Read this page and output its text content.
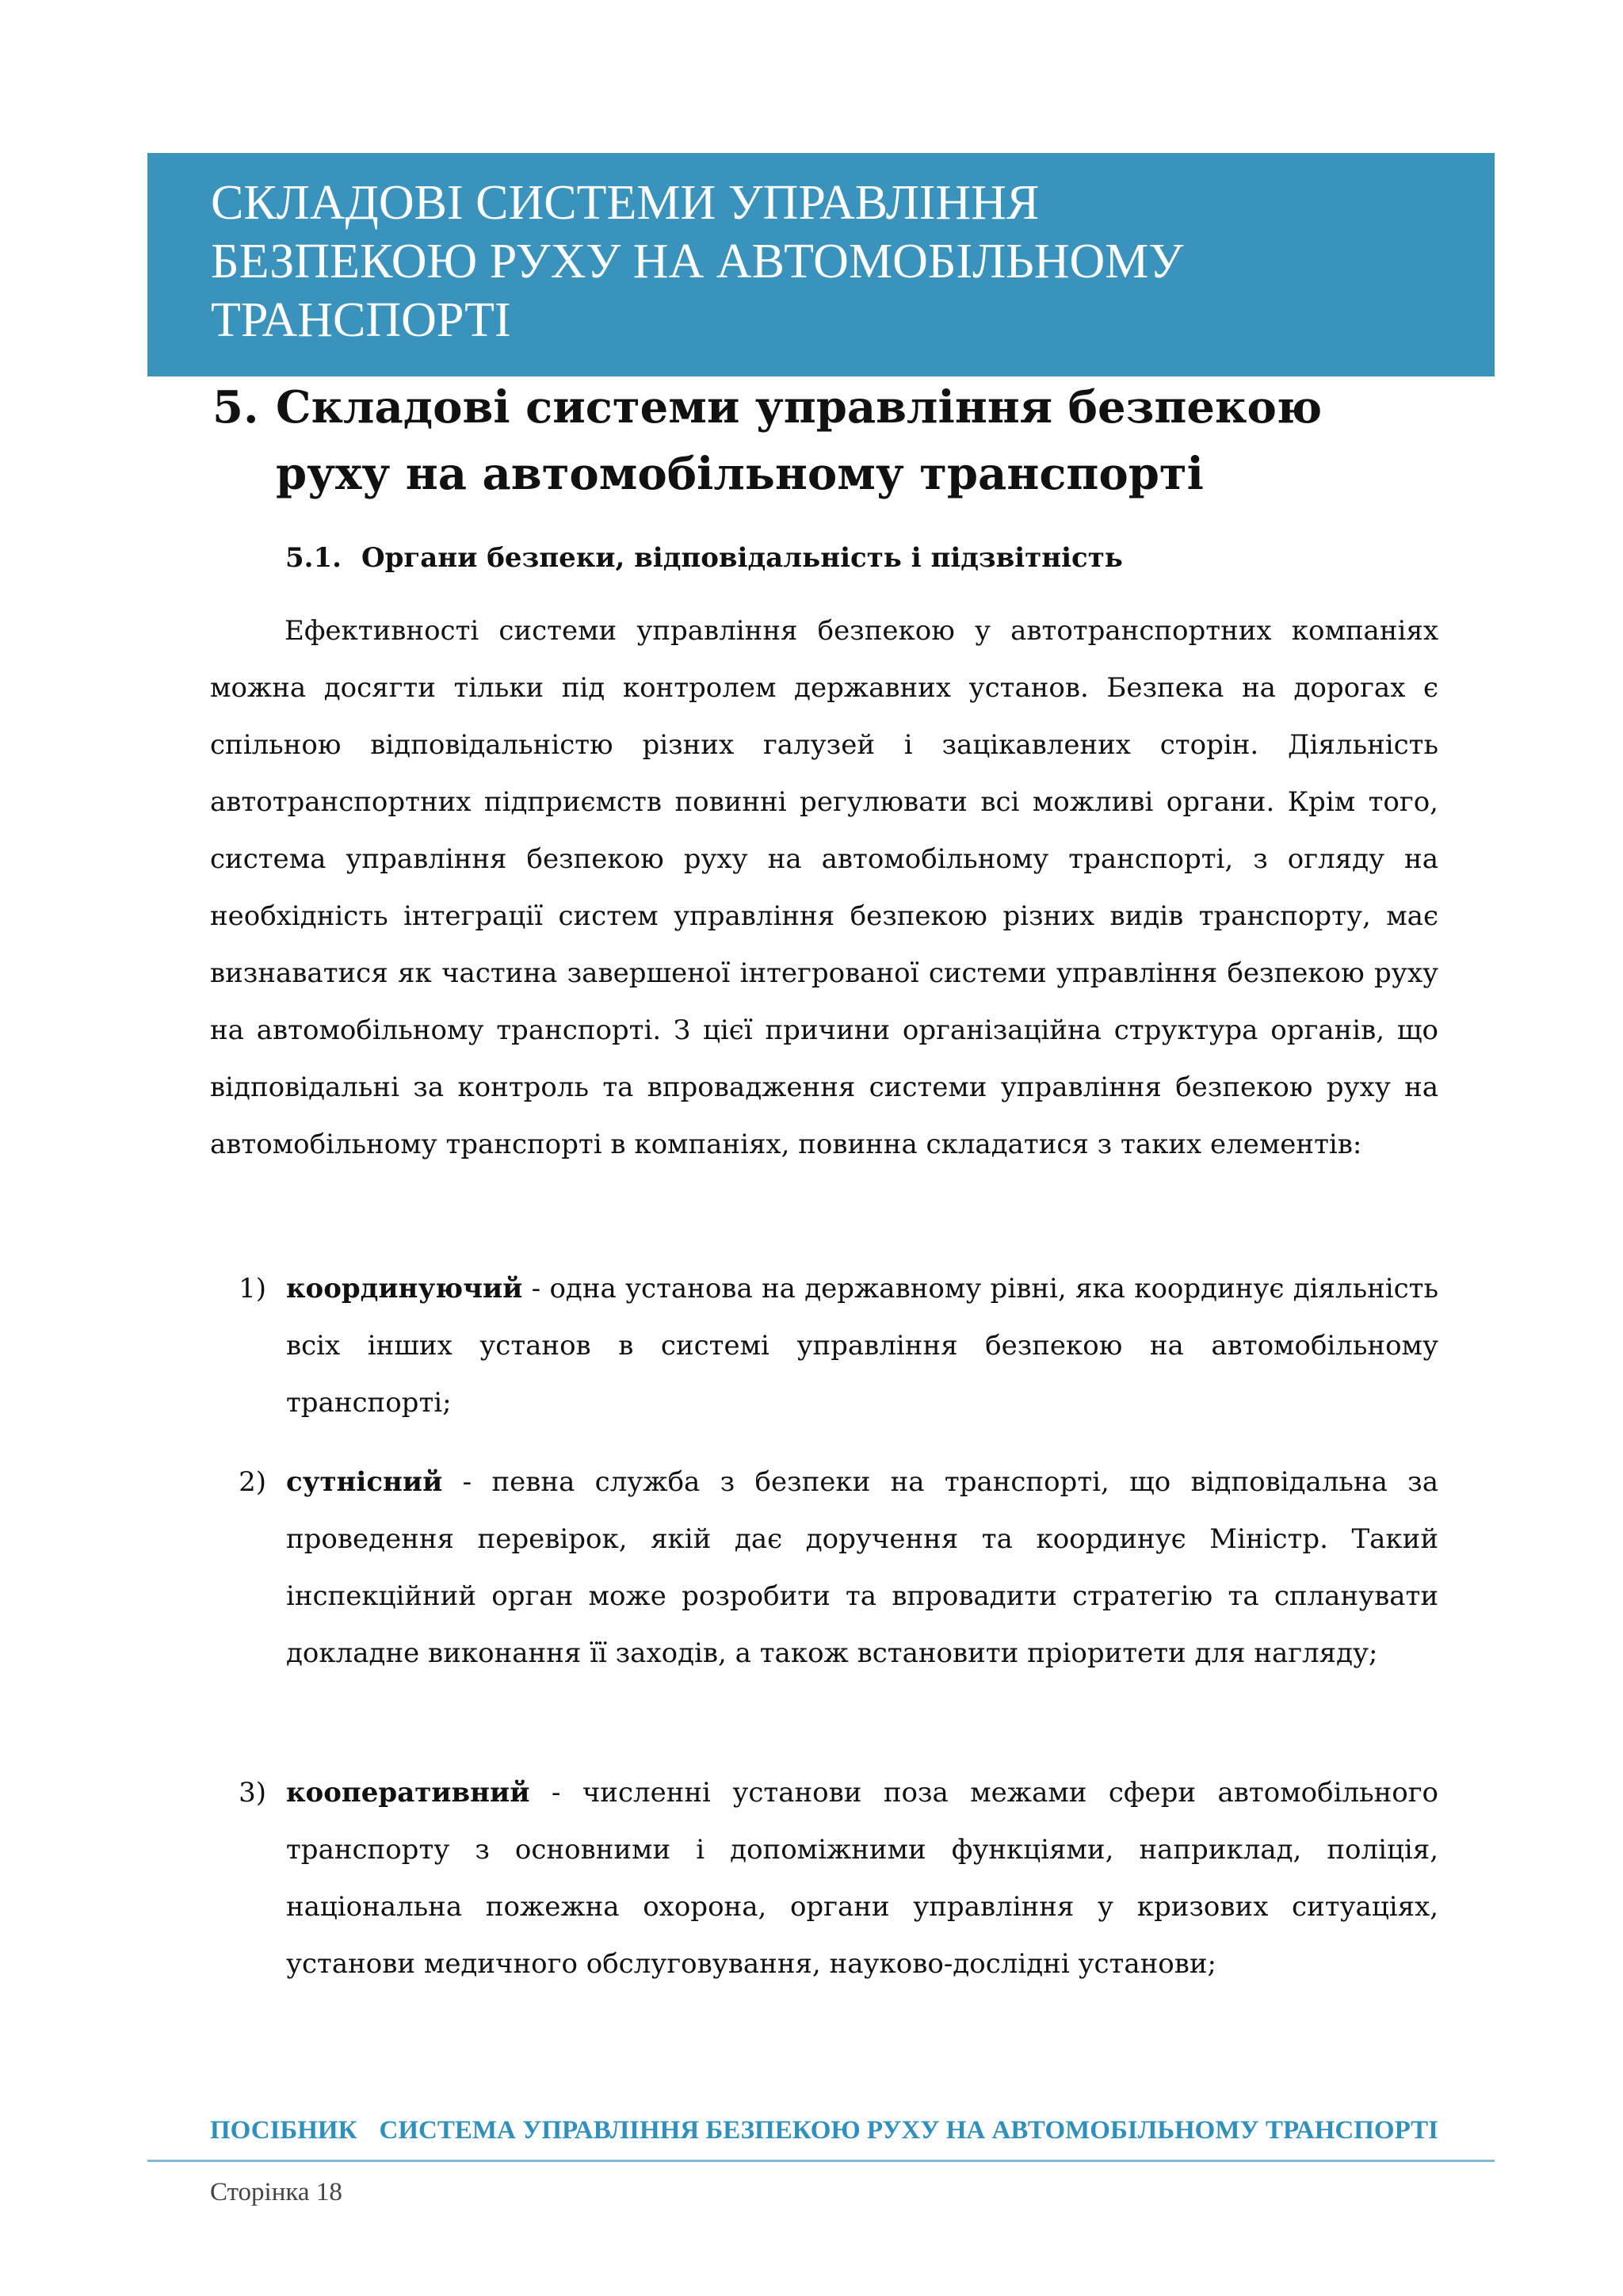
СКЛАДОВІ СИСТЕМИ УПРАВЛІННЯ
БЕЗПЕКОЮ РУХУ НА АВТОМОБІЛЬНОМУ
ТРАНСПОРТІ
5. Складові системи управління безпекою руху на автомобільному транспорті
5.1. Органи безпеки, відповідальність і підзвітність

Ефективності системи управління безпекою у автотранспортних компаніях можна досягти тільки під контролем державних установ. Безпека на дорогах є спільною відповідальністю різних галузей і зацікавлених сторін. Діяльність автотранспортних підприємств повинні регулювати всі можливі органи. Крім того, система управління безпекою руху на автомобільному транспорті, з огляду на необхідність інтеграції систем управління безпекою різних видів транспорту, має визнаватися як частина завершеної інтегрованої системи управління безпекою руху на автомобільному транспорті. З цієї причини організаційна структура органів, що відповідальні за контроль та впровадження системи управління безпекою руху на автомобільному транспорті в компаніях, повинна складатися з таких елементів:

1) координуючий - одна установа на державному рівні, яка координує діяльність всіх інших установ в системі управління безпекою на автомобільному транспорті;
2) сутнісний - певна служба з безпеки на транспорті, що відповідальна за проведення перевірок, якій дає доручення та координує Міністр. Такий інспекційний орган може розробити та впровадити стратегію та спланувати докладне виконання її заходів, а також встановити пріоритети для нагляду;
3) кооперативний - численні установи поза межами сфери автомобільного транспорту з основними і допоміжними функціями, наприклад, поліція, національна пожежна охорона, органи управління у кризових ситуаціях, установи медичного обслуговування, науково-дослідні установи;
ПОСІБНИК СИСТЕМА УПРАВЛІННЯ БЕЗПЕКОЮ РУХУ НА АВТОМОБІЛЬНОМУ ТРАНСПОРТІ
Сторінка 18
